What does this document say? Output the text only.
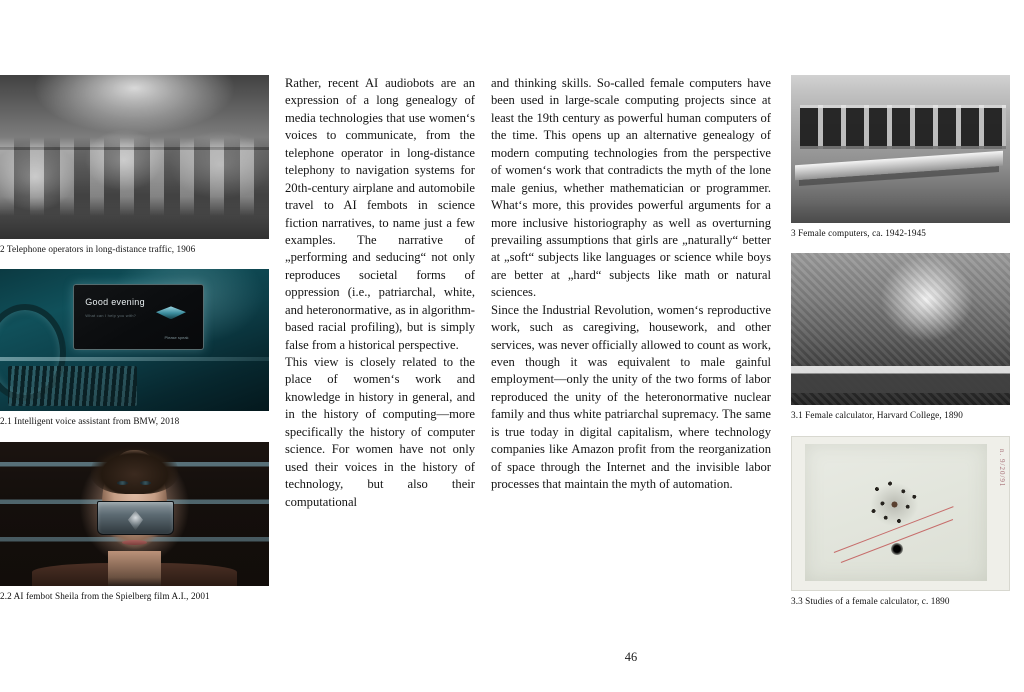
2 Telephone operators in long-distance traffic, 1906
Good evening
What can I help you with?
Please speak
2.1 Intelligent voice assistant from BMW, 2018
2.2 AI fembot Sheila from the Spielberg film A.I., 2001

Rather, recent AI audiobots are an expression of a long genealogy of media technologies that use women‘s voices to communicate, from the telephone operator in long-distance telephony to navigation systems for 20th-century airplane and automobile travel to AI fembots in science fiction narratives, to name just a few examples. The narrative of „performing and seducing“ not only reproduces societal forms of oppression (i.e., patriarchal, white, and heteronormative, as in algorithm-based racial profiling), but is simply false from a historical perspective.

This view is closely related to the place of women‘s work and knowledge in history in general, and in the history of computing—more specifically the history of computer science. For women have not only used their voices in the history of technology, but also their computational

and thinking skills. So-called female computers have been used in large-scale computing projects since at least the 19th century as powerful human computers of the time. This opens up an alternative genealogy of modern computing technologies from the perspective of women‘s work that contradicts the myth of the lone male genius, whether mathematician or programmer. What‘s more, this provides powerful arguments for a more inclusive historiography as well as overturning prevailing assumptions that girls are „naturally“ better at „soft“ subjects like languages or science while boys are better at „hard“ subjects like math or natural sciences.

Since the Industrial Revolution, women‘s reproductive work, such as caregiving, housework, and other services, was never officially allowed to count as work, even though it was equivalent to male gainful employment—only the unity of the two forms of labor reproduced the unity of the heteronormative nuclear family and thus white patriarchal supremacy. The same is true today in digital capitalism, where technology companies like Amazon profit from the reorganization of space through the Internet and the invisible labor processes that maintain the myth of automation.

3 Female computers, ca. 1942-1945
3.1 Female calculator, Harvard College, 1890
n. 9/20/91
3.3 Studies of a female calculator, c. 1890
46
